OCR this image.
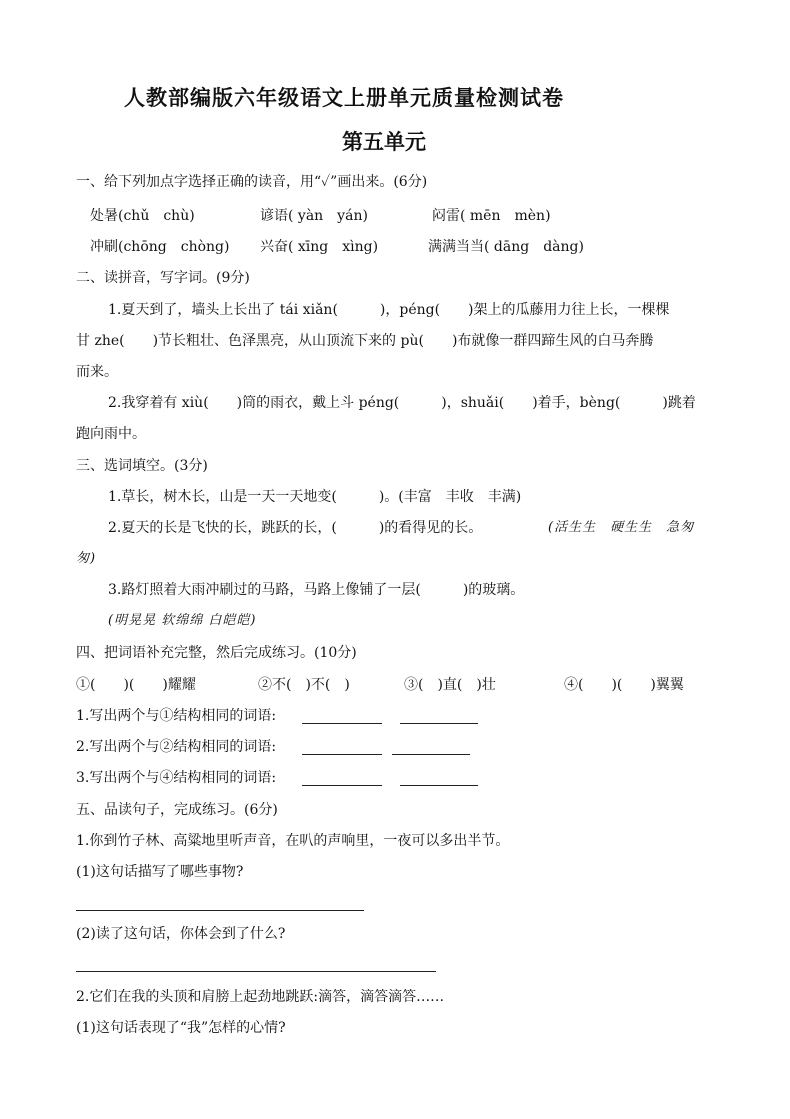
人教部编版六年级语文上册单元质量检测试卷
第五单元
一、给下列加点字选择正确的读音，用“✓”画出来。(6分)
处暑(chǔ　chù)	谚语( yàn　yán)	闷雷( mēn　mèn)
冲刷(chōng　chòng) 兴奋( xīng　xìng)	满满当当( dāng　dàng)
二、读拼音，写字词。(9分)
1.夏天到了，墙头上长出了 tái xiǎn(　　　)，péng(　　)架上的瓜藤用力往上长，一棵棵
甘 zhe(　　)节长粗壮、色泽黑亮，从山顶流下来的 pù(　　)布就像一群四蹄生风的白马奔腾
而来。
2.我穿着有 xiù(　　)筒的雨衣，戴上斗 péng(　　　)，shuǎi(　　)着手，bèng(　　　)跳着
跑向雨中。
三、选词填空。(3分)
1.草长，树木长，山是一天一天地变(　　　)。(丰富　丰收　丰满)
2.夏天的长是飞快的长，跳跃的长，(　　　)的看得见的长。	(活生生　硬生生　急匆
匆)
3.路灯照着大雨冲刷过的马路，马路上像铺了一层(　　　)的玻璃。
(明晃晃 软绵绵 白皑皑)
四、把词语补充完整，然后完成练习。(10分)
①(　　)(　　)耀耀	②不(　)不(　)	③(　)直(　)壮	④(　　)(　　)翼翼
1.写出两个与①结构相同的词语:
2.写出两个与②结构相同的词语:
3.写出两个与④结构相同的词语:
五、品读句子，完成练习。(6分)
1.你到竹子林、高粱地里听声音，在叭的声响里，一夜可以多出半节。
(1)这句话描写了哪些事物?
(2)读了这句话，你体会到了什么?
2.它们在我的头顶和肩膀上起劲地跳跃:滴答，滴答滴答……
(1)这句话表现了“我”怎样的心情?
